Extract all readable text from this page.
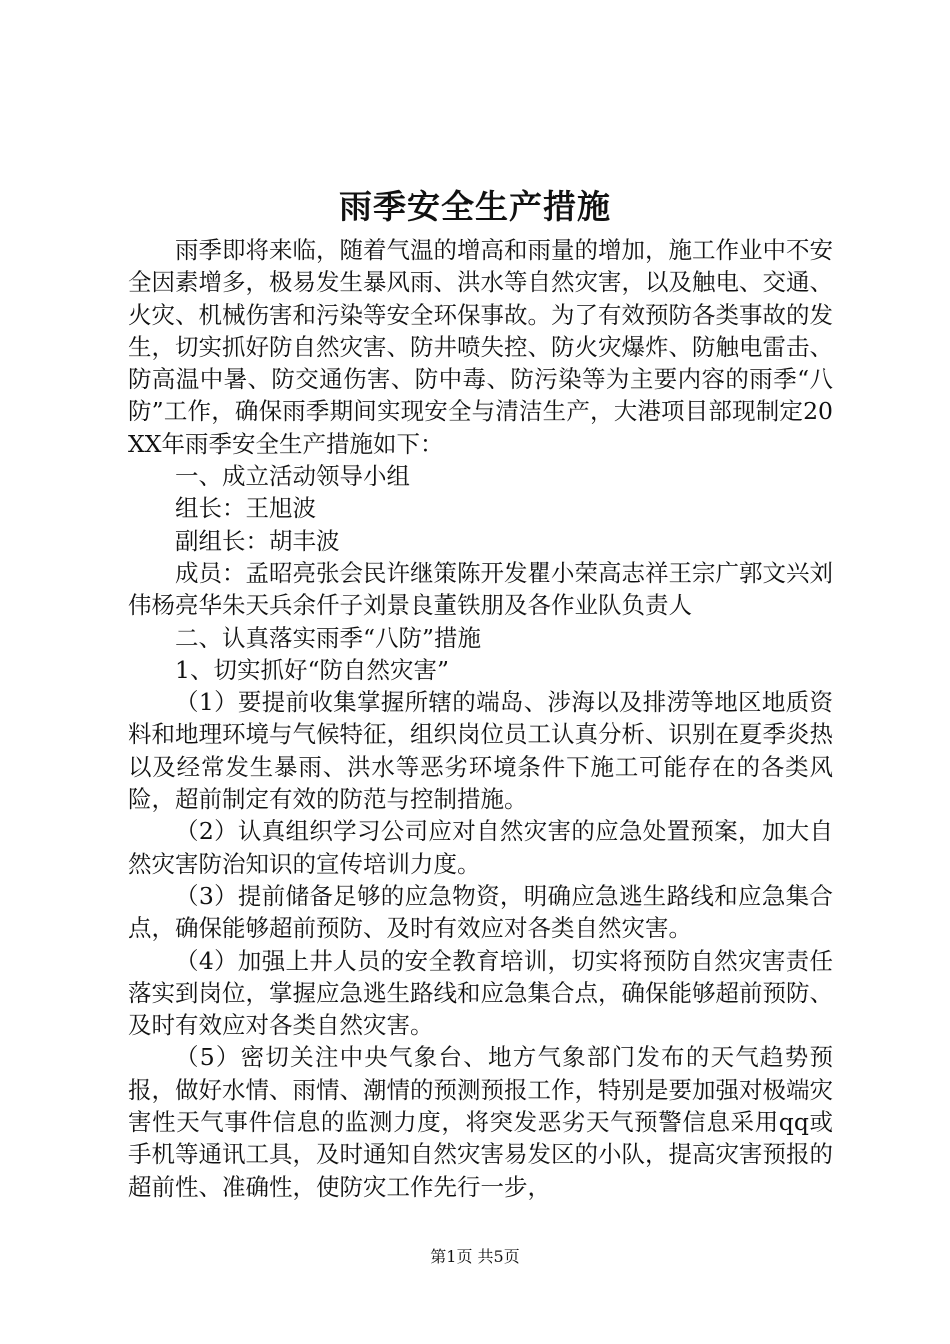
雨季安全生产措施

雨季即将来临，随着气温的增高和雨量的增加，施工作业中不安全因素增多，极易发生暴风雨、洪水等自然灾害，以及触电、交通、火灾、机械伤害和污染等安全环保事故。为了有效预防各类事故的发生，切实抓好防自然灾害、防井喷失控、防火灾爆炸、防触电雷击、防高温中暑、防交通伤害、防中毒、防污染等为主要内容的雨季“八防”工作，确保雨季期间实现安全与清洁生产，大港项目部现制定20XX年雨季安全生产措施如下：

一、成立活动领导小组

组长：王旭波

副组长：胡丰波

成员：孟昭亮张会民许继策陈开发瞿小荣高志祥王宗广郭文兴刘伟杨亮华朱天兵余仟子刘景良董铁朋及各作业队负责人

二、认真落实雨季“八防”措施

1、切实抓好“防自然灾害”

（1）要提前收集掌握所辖的端岛、涉海以及排涝等地区地质资料和地理环境与气候特征，组织岗位员工认真分析、识别在夏季炎热以及经常发生暴雨、洪水等恶劣环境条件下施工可能存在的各类风险，超前制定有效的防范与控制措施。

（2）认真组织学习公司应对自然灾害的应急处置预案，加大自然灾害防治知识的宣传培训力度。

（3）提前储备足够的应急物资，明确应急逃生路线和应急集合点，确保能够超前预防、及时有效应对各类自然灾害。

（4）加强上井人员的安全教育培训，切实将预防自然灾害责任落实到岗位，掌握应急逃生路线和应急集合点，确保能够超前预防、及时有效应对各类自然灾害。

（5）密切关注中央气象台、地方气象部门发布的天气趋势预报，做好水情、雨情、潮情的预测预报工作，特别是要加强对极端灾害性天气事件信息的监测力度，将突发恶劣天气预警信息采用qq或手机等通讯工具，及时通知自然灾害易发区的小队，提高灾害预报的超前性、准确性，使防灾工作先行一步，

第1页 共5页
